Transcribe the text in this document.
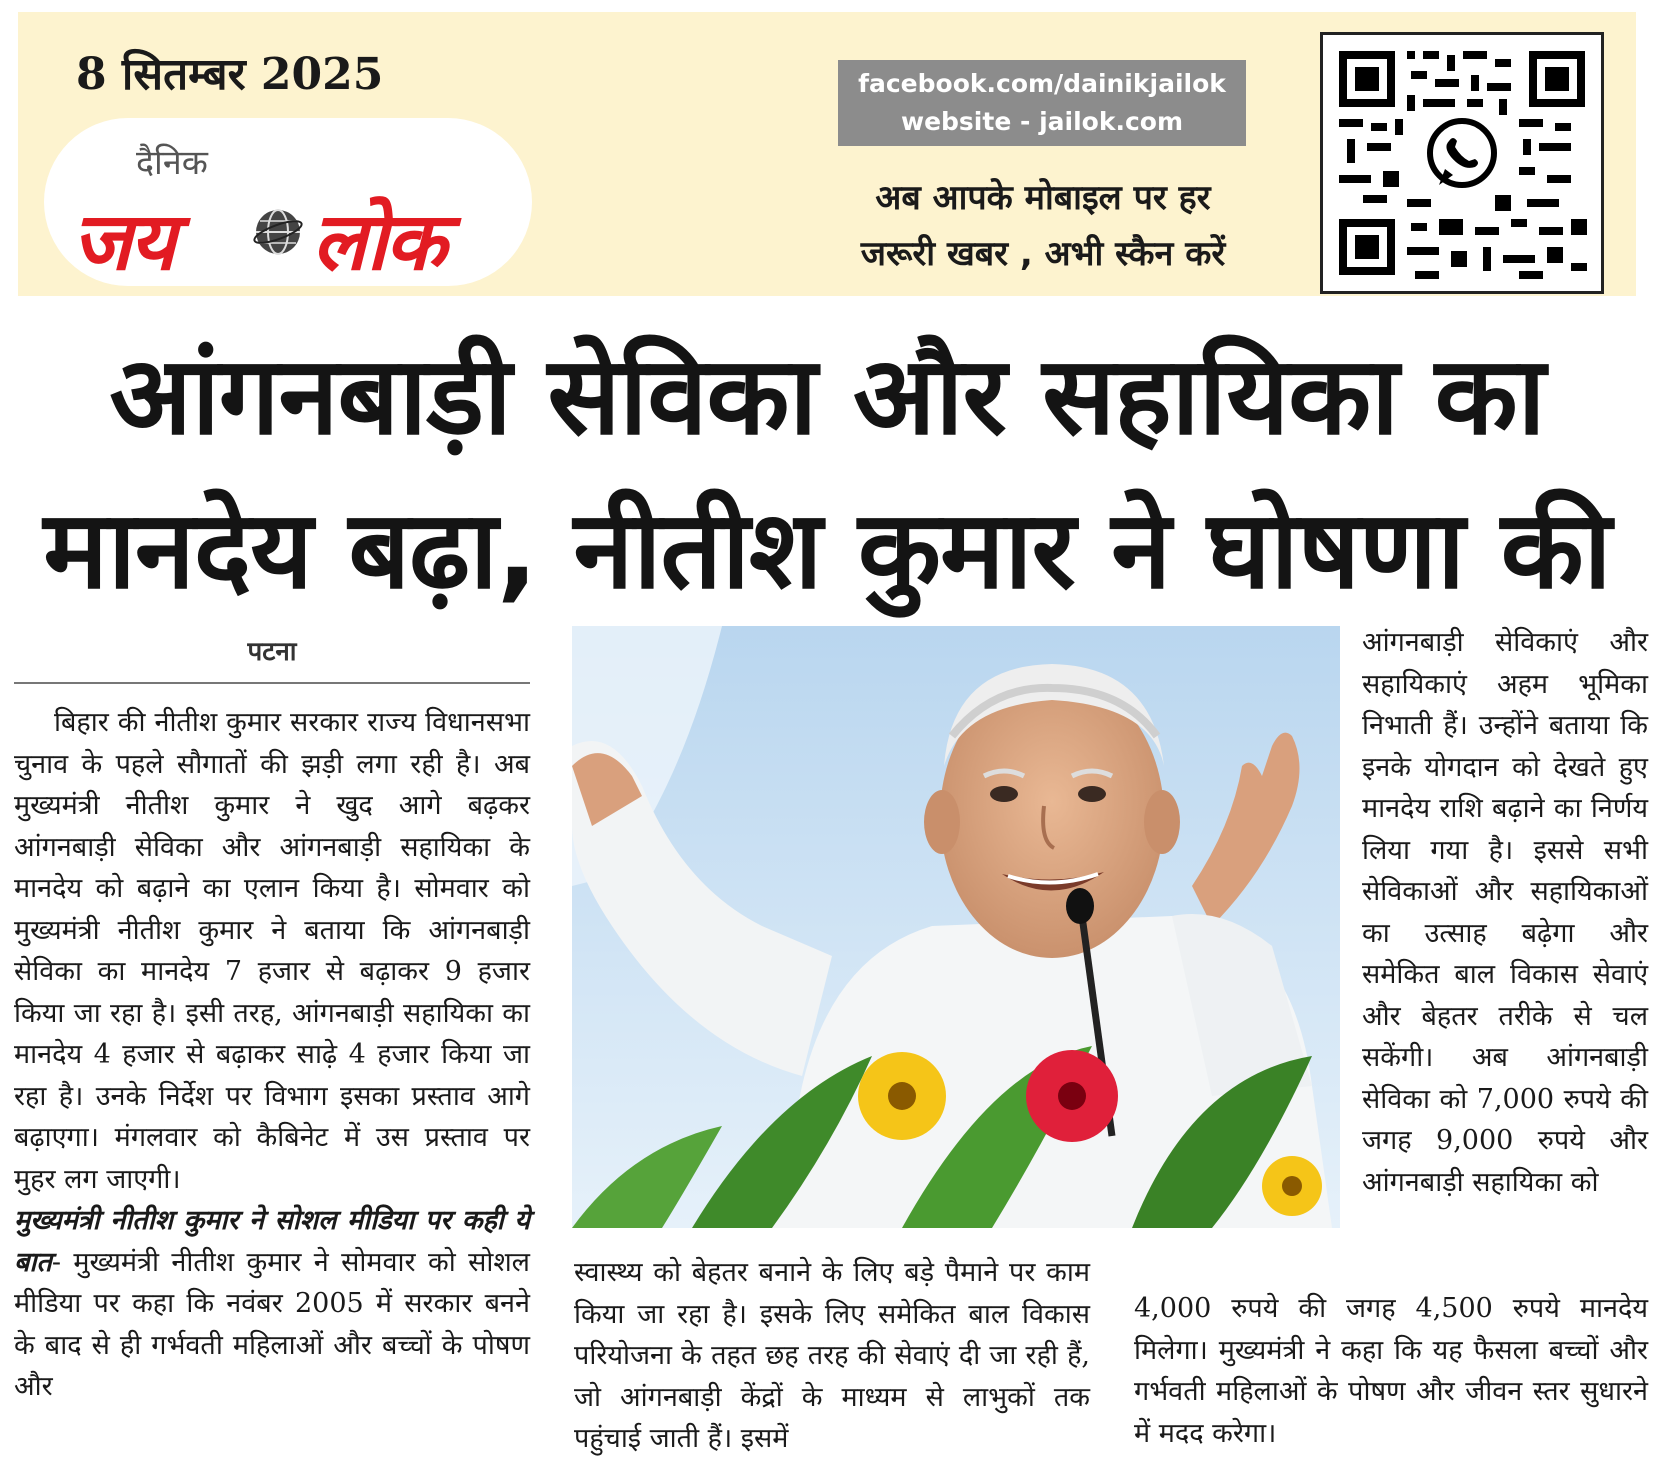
8 सितम्बर 2025
दैनिक
जय लोक
facebook.com/dainikjailok
website - jailok.com
अब आपके मोबाइल पर हर
जरूरी खबर , अभी स्कैन करें
आंगनबाड़ी सेविका और सहायिका का
मानदेय बढ़ा, नीतीश कुमार ने घोषणा की
पटना

बिहार की नीतीश कुमार सरकार राज्य विधानसभा चुनाव के पहले सौगातों की झड़ी लगा रही है। अब मुख्यमंत्री नीतीश कुमार ने खुद आगे बढ़कर आंगनबाड़ी सेविका और आंगनबाड़ी सहायिका के मानदेय को बढ़ाने का एलान किया है। सोमवार को मुख्यमंत्री नीतीश कुमार ने बताया कि आंगनबाड़ी सेविका का मानदेय 7 हजार से बढ़ाकर 9 हजार किया जा रहा है। इसी तरह, आंगनबाड़ी सहायिका का मानदेय 4 हजार से बढ़ाकर साढ़े 4 हजार किया जा रहा है। उनके निर्देश पर विभाग इसका प्रस्ताव आगे बढ़ाएगा। मंगलवार को कैबिनेट में उस प्रस्ताव पर मुहर लग जाएगी।

मुख्यमंत्री नीतीश कुमार ने सोशल मीडिया पर कही ये बात- मुख्यमंत्री नीतीश कुमार ने सोमवार को सोशल मीडिया पर कहा कि नवंबर 2005 में सरकार बनने के बाद से ही गर्भवती महिलाओं और बच्चों के पोषण और

आंगनबाड़ी सेविकाएं और सहायिकाएं अहम भूमिका निभाती हैं। उन्होंने बताया कि इनके योगदान को देखते हुए मानदेय राशि बढ़ाने का निर्णय लिया गया है। इससे सभी सेविकाओं और सहायिकाओं का उत्साह बढ़ेगा और समेकित बाल विकास सेवाएं और बेहतर तरीके से चल सकेंगी। अब आंगनबाड़ी सेविका को 7,000 रुपये की जगह 9,000 रुपये और आंगनबाड़ी सहायिका को

स्वास्थ्य को बेहतर बनाने के लिए बड़े पैमाने पर काम किया जा रहा है। इसके लिए समेकित बाल विकास परियोजना के तहत छह तरह की सेवाएं दी जा रही हैं, जो आंगनबाड़ी केंद्रों के माध्यम से लाभुकों तक पहुंचाई जाती हैं। इसमें

4,000 रुपये की जगह 4,500 रुपये मानदेय मिलेगा। मुख्यमंत्री ने कहा कि यह फैसला बच्चों और गर्भवती महिलाओं के पोषण और जीवन स्तर सुधारने में मदद करेगा।
